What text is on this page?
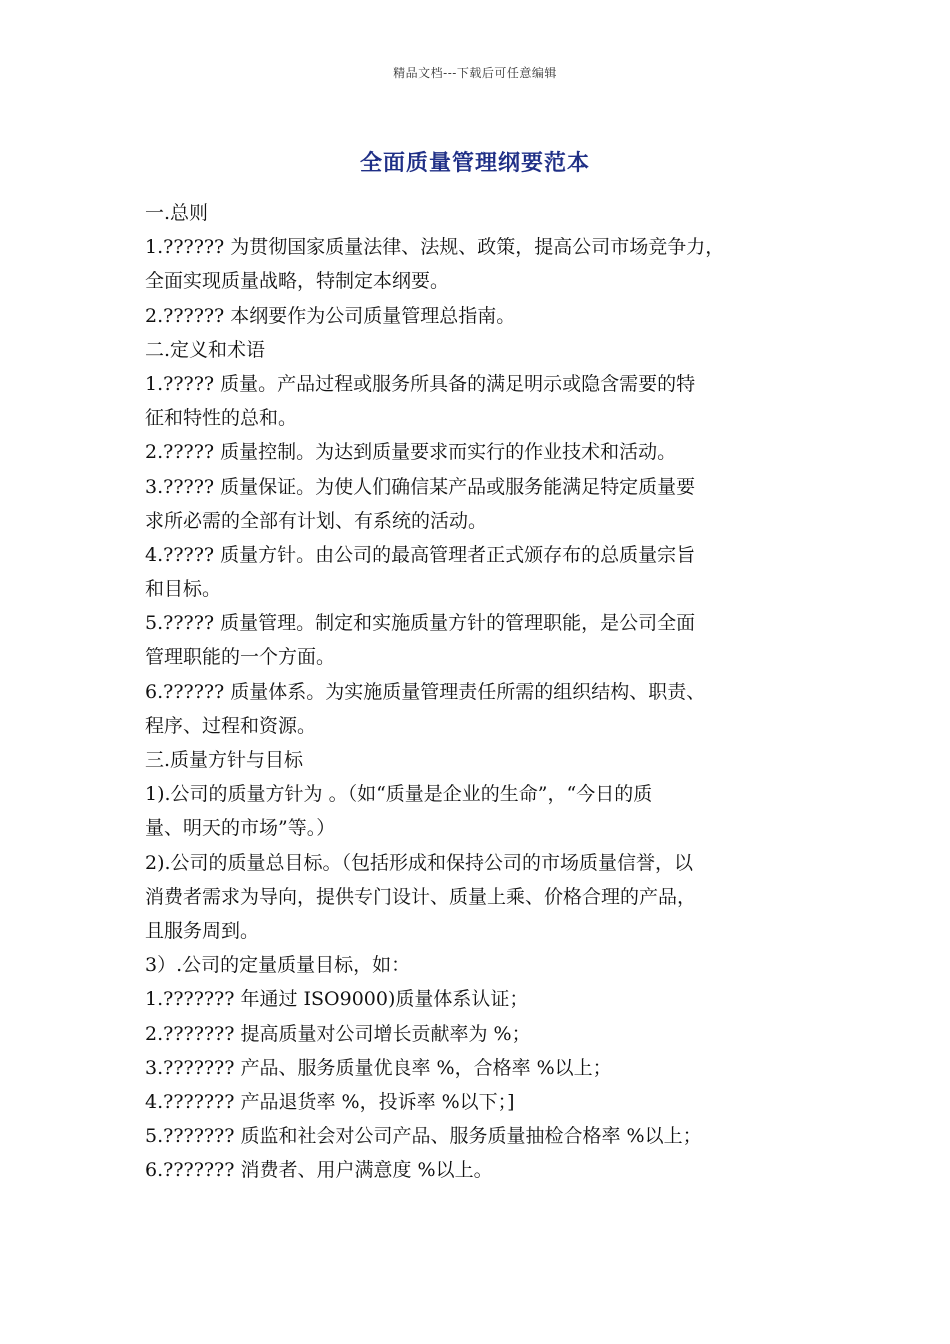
精品文档---下载后可任意编辑
全面质量管理纲要范本
一.总则
1.?????? 为贯彻国家质量法律、法规、政策，提高公司市场竞争力，
全面实现质量战略，特制定本纲要。
2.?????? 本纲要作为公司质量管理总指南。
二.定义和术语
1.????? 质量。产品过程或服务所具备的满足明示或隐含需要的特
征和特性的总和。
2.????? 质量控制。为达到质量要求而实行的作业技术和活动。
3.????? 质量保证。为使人们确信某产品或服务能满足特定质量要
求所必需的全部有计划、有系统的活动。
4.????? 质量方针。由公司的最高管理者正式颁存布的总质量宗旨
和目标。
5.????? 质量管理。制定和实施质量方针的管理职能，是公司全面
管理职能的一个方面。
6.?????? 质量体系。为实施质量管理责任所需的组织结构、职责、
程序、过程和资源。
三.质量方针与目标
1).公司的质量方针为 。（如“质量是企业的生命”，“今日的质
量、明天的市场”等。）
2).公司的质量总目标。（包括形成和保持公司的市场质量信誉，以
消费者需求为导向，提供专门设计、质量上乘、价格合理的产品，
且服务周到。
3）.公司的定量质量目标，如：
1.??????? 年通过 ISO9000)质量体系认证；
2.??????? 提高质量对公司增长贡献率为 %；
3.??????? 产品、服务质量优良率 %，合格率 %以上；
4.??????? 产品退货率 %，投诉率 %以下；]
5.??????? 质监和社会对公司产品、服务质量抽检合格率 %以上；
6.??????? 消费者、用户满意度 %以上。
